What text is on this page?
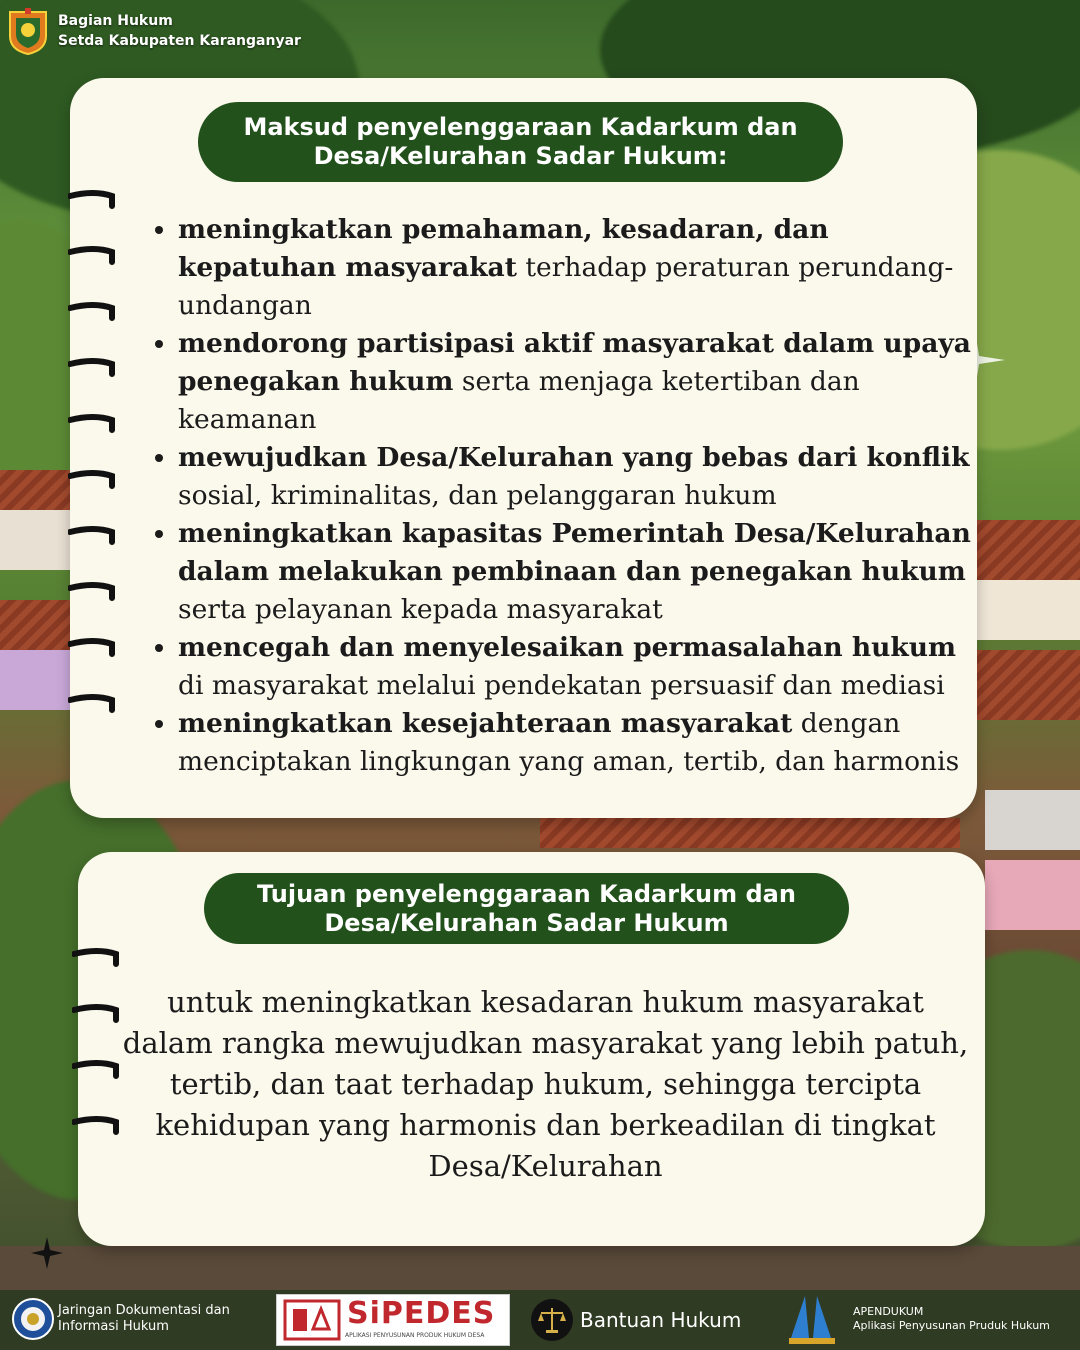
Bagian Hukum
Setda Kabupaten Karanganyar
Maksud penyelenggaraan Kadarkum dan
Desa/Kelurahan Sadar Hukum:
• meningkatkan pemahaman, kesadaran, dan kepatuhan masyarakat terhadap peraturan perundang-undangan
• mendorong partisipasi aktif masyarakat dalam upaya penegakan hukum serta menjaga ketertiban dan keamanan
• mewujudkan Desa/Kelurahan yang bebas dari konflik sosial, kriminalitas, dan pelanggaran hukum
• meningkatkan kapasitas Pemerintah Desa/Kelurahan dalam melakukan pembinaan dan penegakan hukum serta pelayanan kepada masyarakat
• mencegah dan menyelesaikan permasalahan hukum di masyarakat melalui pendekatan persuasif dan mediasi
• meningkatkan kesejahteraan masyarakat dengan menciptakan lingkungan yang aman, tertib, dan harmonis
Tujuan penyelenggaraan Kadarkum dan
Desa/Kelurahan Sadar Hukum

untuk meningkatkan kesadaran hukum masyarakat dalam rangka mewujudkan masyarakat yang lebih patuh, tertib, dan taat terhadap hukum, sehingga tercipta kehidupan yang harmonis dan berkeadilan di tingkat Desa/Kelurahan

Jaringan Dokumentasi dan
Informasi Hukum	SiPEDES
APLIKASI PENYUSUNAN PRODUK HUKUM DESA
Bantuan Hukum	APENDUKUM
Aplikasi Penyusunan Pruduk Hukum
